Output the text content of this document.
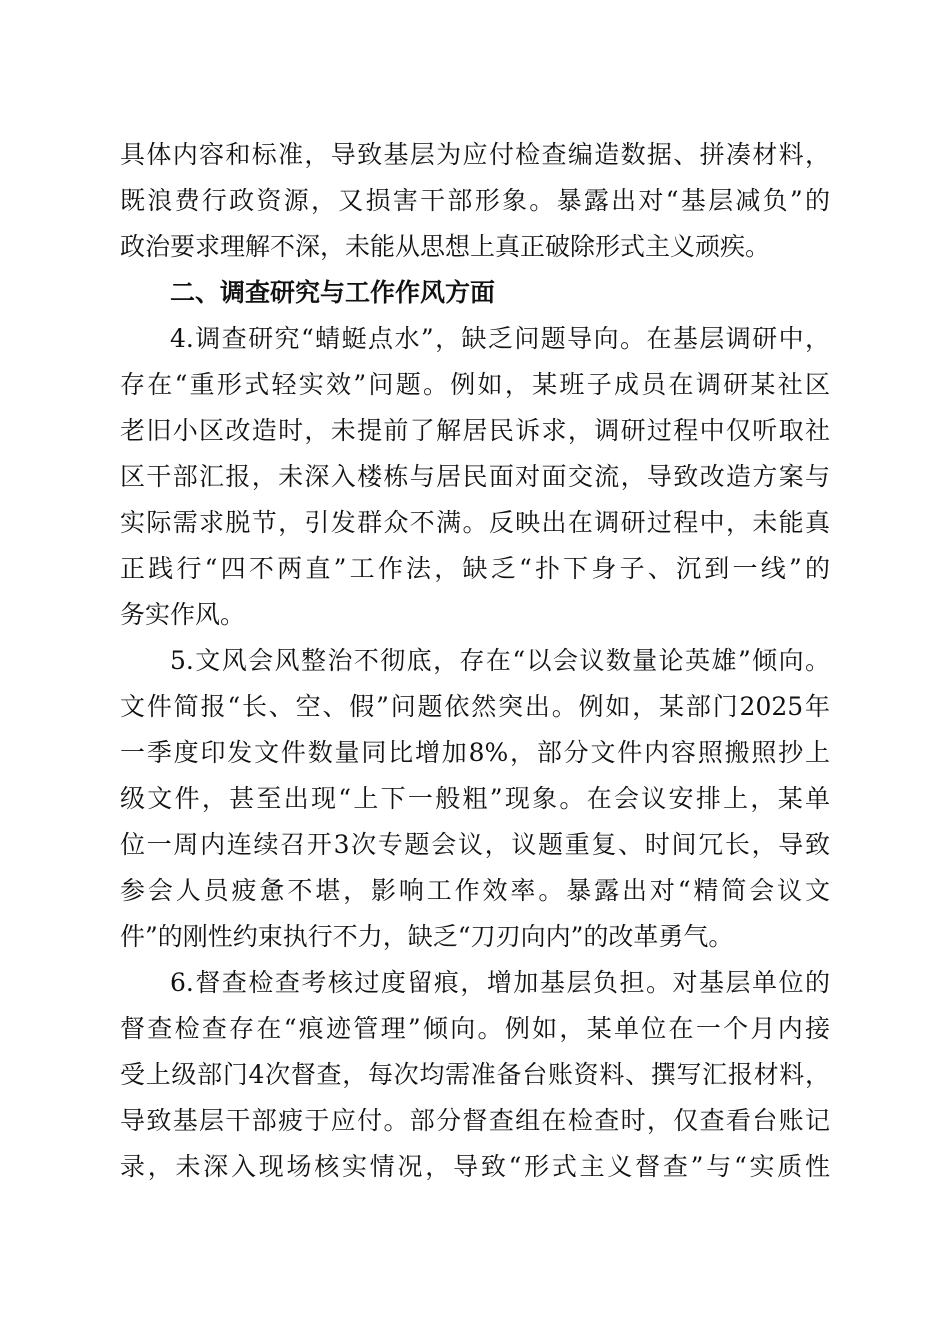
具体内容和标准，导致基层为应付检查编造数据、拼凑材料，
既浪费行政资源，又损害干部形象。暴露出对“基层减负”的
政治要求理解不深，未能从思想上真正破除形式主义顽疾。
二、调查研究与工作作风方面
4.调查研究“蜻蜓点水”，缺乏问题导向。在基层调研中，
存在“重形式轻实效”问题。例如，某班子成员在调研某社区
老旧小区改造时，未提前了解居民诉求，调研过程中仅听取社
区干部汇报，未深入楼栋与居民面对面交流，导致改造方案与
实际需求脱节，引发群众不满。反映出在调研过程中，未能真
正践行“四不两直”工作法，缺乏“扑下身子、沉到一线”的
务实作风。
5.文风会风整治不彻底，存在“以会议数量论英雄”倾向。
文件简报“长、空、假”问题依然突出。例如，某部门2025年
一季度印发文件数量同比增加8%，部分文件内容照搬照抄上
级文件，甚至出现“上下一般粗”现象。在会议安排上，某单
位一周内连续召开3次专题会议，议题重复、时间冗长，导致
参会人员疲惫不堪，影响工作效率。暴露出对“精简会议文
件”的刚性约束执行不力，缺乏“刀刃向内”的改革勇气。
6.督查检查考核过度留痕，增加基层负担。对基层单位的
督查检查存在“痕迹管理”倾向。例如，某单位在一个月内接
受上级部门4次督查，每次均需准备台账资料、撰写汇报材料，
导致基层干部疲于应付。部分督查组在检查时，仅查看台账记
录，未深入现场核实情况，导致“形式主义督查”与“实质性
